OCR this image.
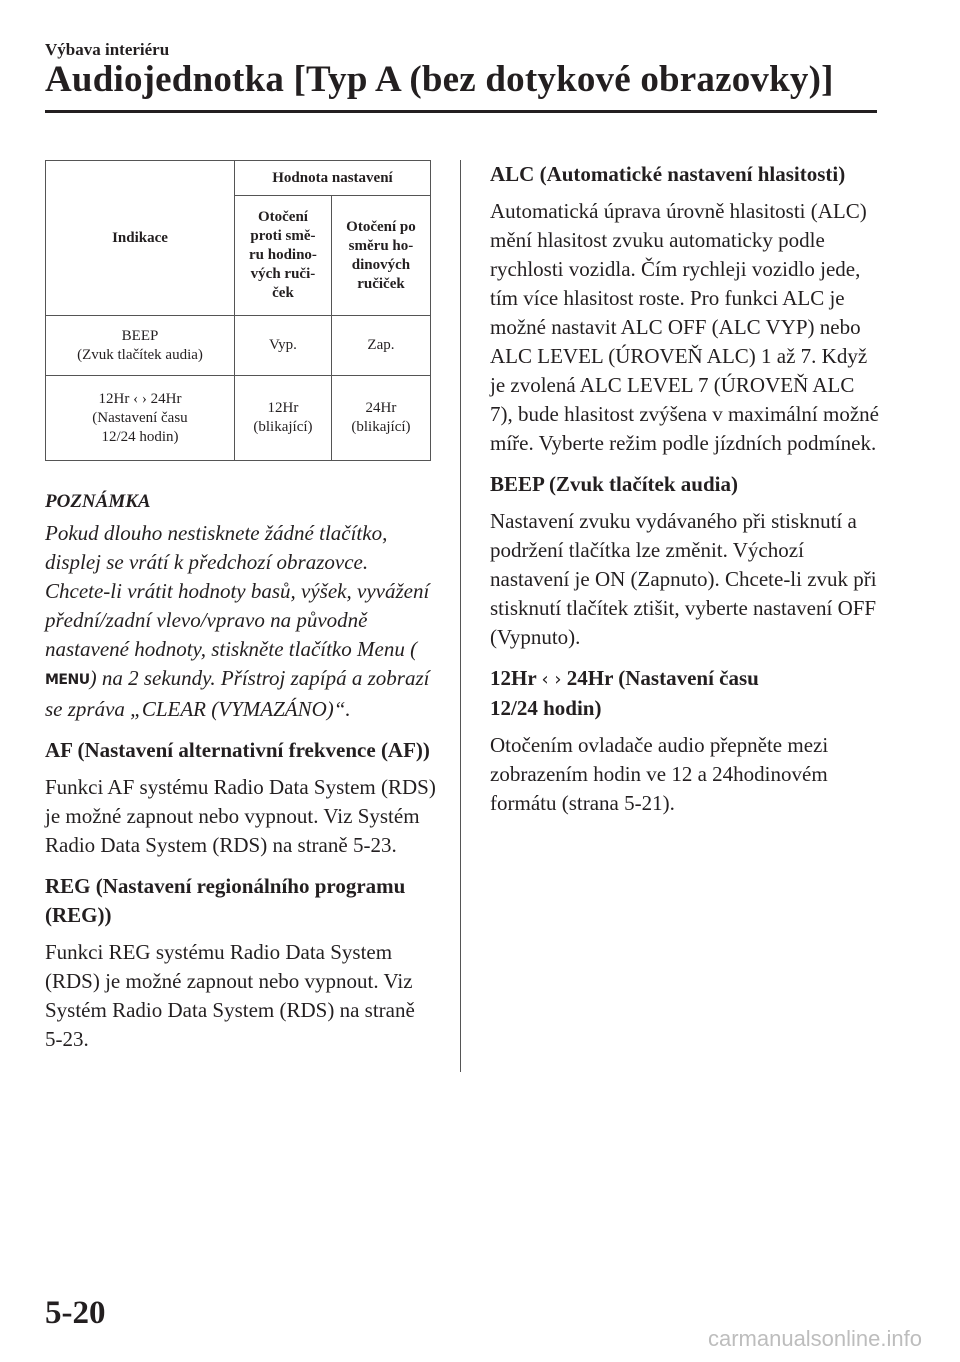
Výbava interiéru
Audiojednotka [Typ A (bez dotykové obrazovky)]
Indikace	Hodnota nastavení	

	Otočení
proti smě-
ru hodino-
vých ruči-
ček	Otočení po
směru ho-
dinových
ručiček

BEEP
(Zvuk tlačítek audia)	Vyp.	Zap.

12Hr ‹ › 24Hr
(Nastavení času
12/24 hodin)	12Hr
(blikající)	24Hr
(blikající)
POZNÁMKA

Pokud dlouho nestisknete žádné tlačítko, displej se vrátí k předchozí obrazovce. Chcete-li vrátit hodnoty basů, výšek, vyvážení přední/zadní vlevo/vpravo na původně nastavené hodnoty, stiskněte tlačítko Menu (MENU) na 2 sekundy. Přístroj zapípá a zobrazí se zpráva „CLEAR (VYMAZÁNO)“.

AF (Nastavení alternativní frekvence (AF))

Funkci AF systému Radio Data System (RDS) je možné zapnout nebo vypnout. Viz Systém Radio Data System (RDS) na straně 5-23.

REG (Nastavení regionálního programu (REG))

Funkci REG systému Radio Data System (RDS) je možné zapnout nebo vypnout. Viz Systém Radio Data System (RDS) na straně 5-23.

ALC (Automatické nastavení hlasitosti)

Automatická úprava úrovně hlasitosti (ALC) mění hlasitost zvuku automaticky podle rychlosti vozidla. Čím rychleji vozidlo jede, tím více hlasitost roste. Pro funkci ALC je možné nastavit ALC OFF (ALC VYP) nebo ALC LEVEL (ÚROVEŇ ALC) 1 až 7. Když je zvolená ALC LEVEL 7 (ÚROVEŇ ALC 7), bude hlasitost zvýšena v maximální možné míře. Vyberte režim podle jízdních podmínek.

BEEP (Zvuk tlačítek audia)

Nastavení zvuku vydávaného při stisknutí a podržení tlačítka lze změnit. Výchozí nastavení je ON (Zapnuto). Chcete-li zvuk při stisknutí tlačítek ztišit, vyberte nastavení OFF (Vypnuto).

12Hr ‹ › 24Hr (Nastavení času
12/24 hodin)

Otočením ovladače audio přepněte mezi zobrazením hodin ve 12 a 24hodinovém formátu (strana 5-21).

5-20
carmanualsonline.info
